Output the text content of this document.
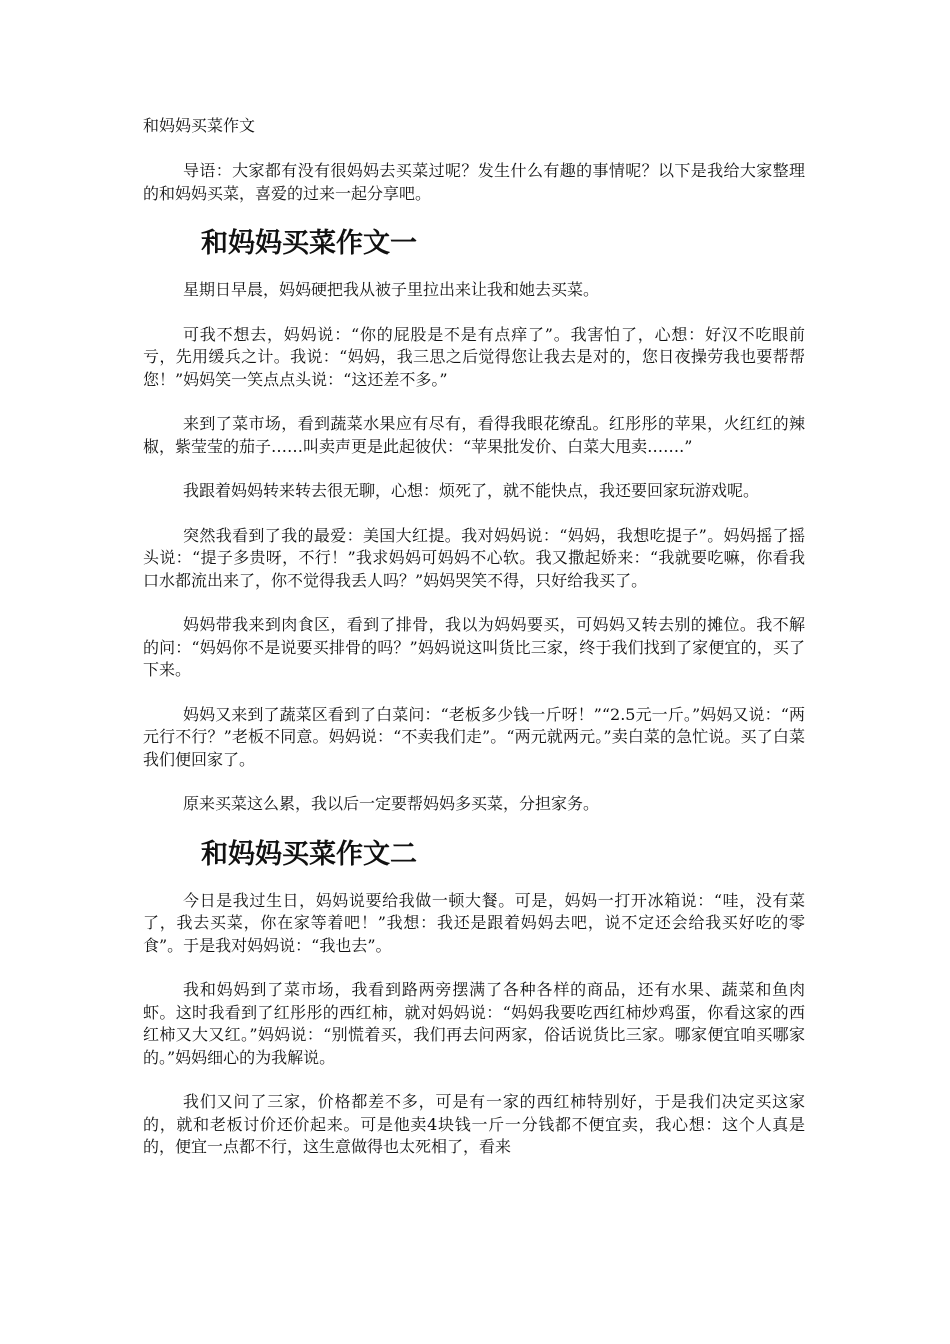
和妈妈买菜作文

导语：大家都有没有很妈妈去买菜过呢？发生什么有趣的事情呢？以下是我给大家整理的和妈妈买菜，喜爱的过来一起分享吧。

和妈妈买菜作文一

星期日早晨，妈妈硬把我从被子里拉出来让我和她去买菜。

可我不想去，妈妈说：“你的屁股是不是有点痒了”。我害怕了，心想：好汉不吃眼前亏，先用缓兵之计。我说：“妈妈，我三思之后觉得您让我去是对的，您日夜操劳我也要帮帮您！”妈妈笑一笑点点头说：“这还差不多。”

来到了菜市场，看到蔬菜水果应有尽有，看得我眼花缭乱。红彤彤的苹果，火红红的辣椒，紫莹莹的茄子……叫卖声更是此起彼伏：“苹果批发价、白菜大甩卖…….”

我跟着妈妈转来转去很无聊，心想：烦死了，就不能快点，我还要回家玩游戏呢。

突然我看到了我的最爱：美国大红提。我对妈妈说：“妈妈，我想吃提子”。妈妈摇了摇头说：“提子多贵呀，不行！”我求妈妈可妈妈不心软。我又撒起娇来：“我就要吃嘛，你看我口水都流出来了，你不觉得我丢人吗？”妈妈哭笑不得，只好给我买了。

妈妈带我来到肉食区，看到了排骨，我以为妈妈要买，可妈妈又转去别的摊位。我不解的问：“妈妈你不是说要买排骨的吗？”妈妈说这叫货比三家，终于我们找到了家便宜的，买了下来。

妈妈又来到了蔬菜区看到了白菜问：“老板多少钱一斤呀！”“2.5元一斤。”妈妈又说：“两元行不行？”老板不同意。妈妈说：“不卖我们走”。“两元就两元。”卖白菜的急忙说。买了白菜我们便回家了。

原来买菜这么累，我以后一定要帮妈妈多买菜，分担家务。

和妈妈买菜作文二

今日是我过生日，妈妈说要给我做一顿大餐。可是，妈妈一打开冰箱说：“哇，没有菜了，我去买菜，你在家等着吧！”我想：我还是跟着妈妈去吧，说不定还会给我买好吃的零食”。于是我对妈妈说：“我也去”。

我和妈妈到了菜市场，我看到路两旁摆满了各种各样的商品，还有水果、蔬菜和鱼肉虾。这时我看到了红彤彤的西红柿，就对妈妈说：“妈妈我要吃西红柿炒鸡蛋，你看这家的西红柿又大又红。”妈妈说：“别慌着买，我们再去问两家，俗话说货比三家。哪家便宜咱买哪家的。”妈妈细心的为我解说。

我们又问了三家，价格都差不多，可是有一家的西红柿特别好，于是我们决定买这家的，就和老板讨价还价起来。可是他卖4块钱一斤一分钱都不便宜卖，我心想：这个人真是的，便宜一点都不行，这生意做得也太死相了，看来
